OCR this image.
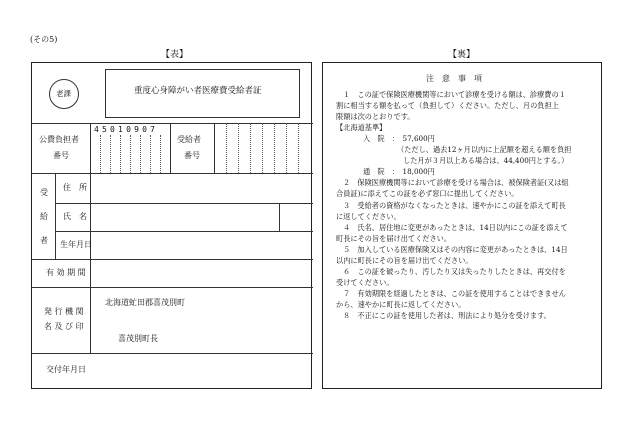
(その5)
【表】
重度心身障がい者医療費受給者証
老課
公費負担者
番号
45010907
受給者
番号
受
給
者
住　所
氏　名
生年月日
有 効 期 間
発 行 機 関
名 及 び 印
北海道虻田郡喜茂別町
喜茂別町長
交付年月日
【裏】
注　意　事　項
１　この証で保険医療機関等において診療を受ける額は、診療費の１
割に相当する額を払って（負担して）ください。ただし、月の負担上
限額は次のとおりです。
【北海道基準】
入　院　：　57,600円
（ただし、過去12ヶ月以内に上記額を超える額を負担
した月が３月以上ある場合は、44,400円とする。）
通　院　：　18,000円
２　保険医療機関等において診療を受ける場合は、被保険者証(又は組
合員証)に添えてこの証を必ず窓口に提出してください。
３　受給者の資格がなくなったときは、速やかにこの証を添えて町長
に返してください。
４　氏名、居住地に変更があったときは、14日以内にこの証を添えて
町長にその旨を届け出てください。
５　加入している医療保険又はその内容に変更があったときは、14日
以内に町長にその旨を届け出てください。
６　この証を破ったり、汚したり又は失ったりしたときは、再交付を
受けてください。
７　有効期限を経過したときは、この証を使用することはできません
から、速やかに町長に返してください。
８　不正にこの証を使用した者は、刑法により処分を受けます。
